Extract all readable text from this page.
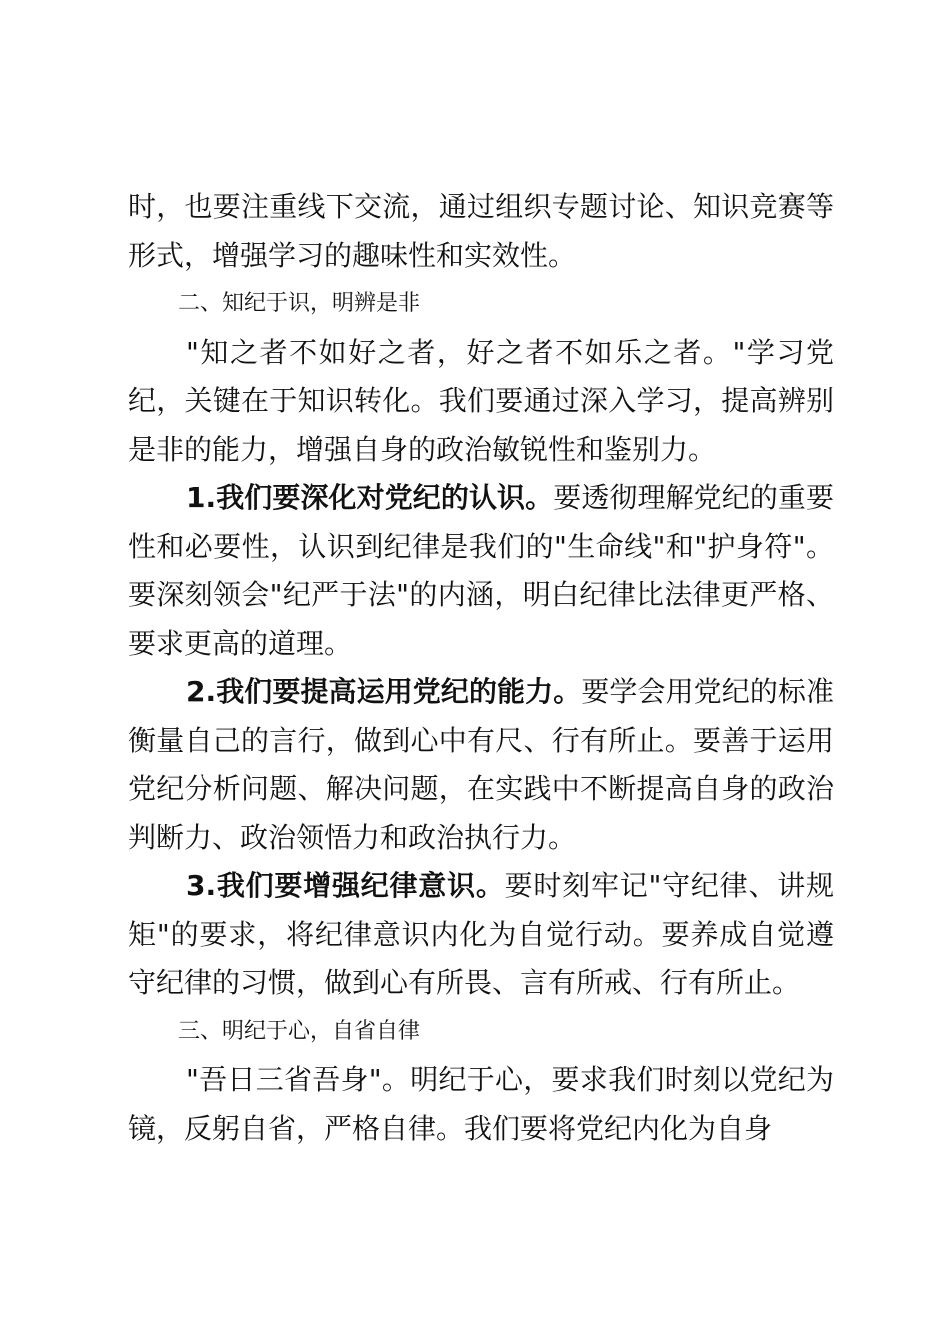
时，也要注重线下交流，通过组织专题讨论、知识竞赛等形式，增强学习的趣味性和实效性。

二、知纪于识，明辨是非

"知之者不如好之者，好之者不如乐之者。"学习党纪，关键在于知识转化。我们要通过深入学习，提高辨别是非的能力，增强自身的政治敏锐性和鉴别力。

1.我们要深化对党纪的认识。要透彻理解党纪的重要性和必要性，认识到纪律是我们的"生命线"和"护身符"。要深刻领会"纪严于法"的内涵，明白纪律比法律更严格、要求更高的道理。

2.我们要提高运用党纪的能力。要学会用党纪的标准衡量自己的言行，做到心中有尺、行有所止。要善于运用党纪分析问题、解决问题，在实践中不断提高自身的政治判断力、政治领悟力和政治执行力。

3.我们要增强纪律意识。要时刻牢记"守纪律、讲规矩"的要求，将纪律意识内化为自觉行动。要养成自觉遵守纪律的习惯，做到心有所畏、言有所戒、行有所止。

三、明纪于心，自省自律

"吾日三省吾身"。明纪于心，要求我们时刻以党纪为镜，反躬自省，严格自律。我们要将党纪内化为自身
